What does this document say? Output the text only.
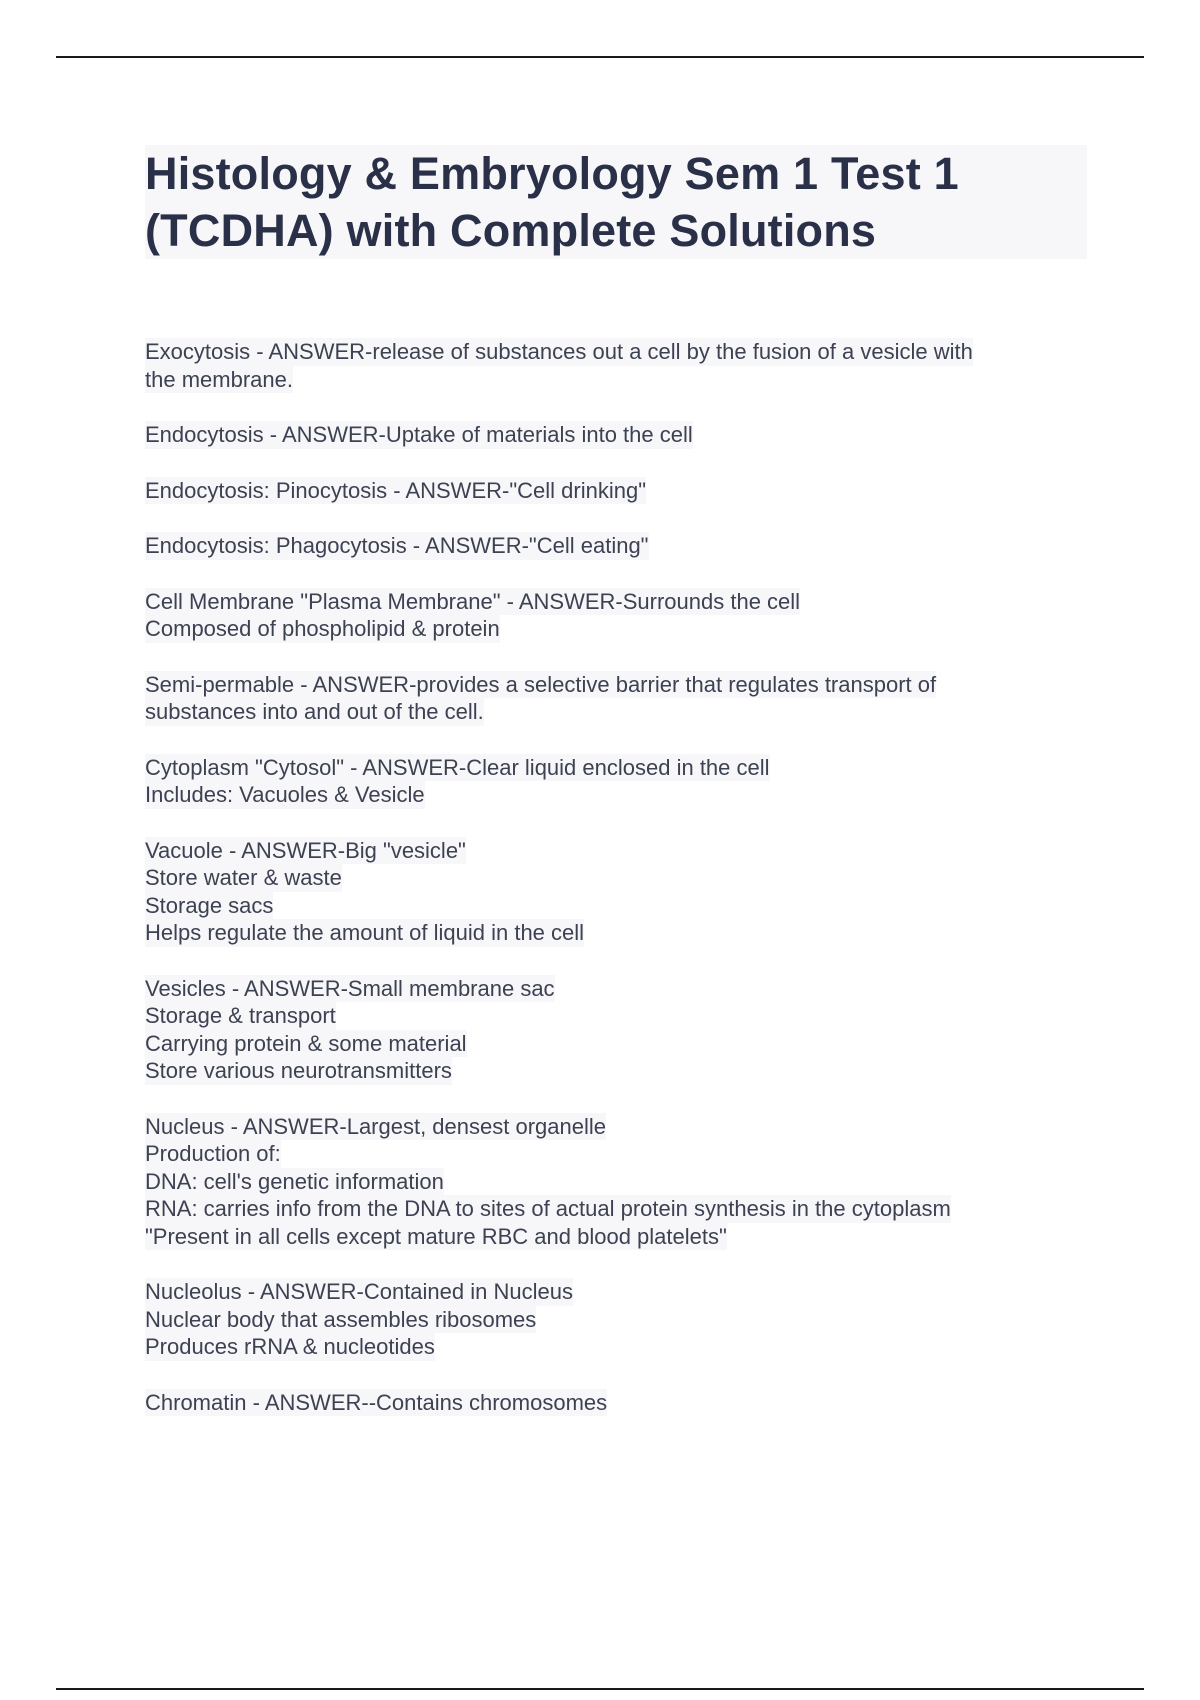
Histology & Embryology Sem 1 Test 1
(TCDHA) with Complete Solutions
Exocytosis - ANSWER-release of substances out a cell by the fusion of a vesicle with
the membrane.
Endocytosis - ANSWER-Uptake of materials into the cell
Endocytosis: Pinocytosis - ANSWER-"Cell drinking"
Endocytosis: Phagocytosis - ANSWER-"Cell eating"
Cell Membrane "Plasma Membrane" - ANSWER-Surrounds the cell
Composed of phospholipid & protein
Semi-permable - ANSWER-provides a selective barrier that regulates transport of
substances into and out of the cell.
Cytoplasm "Cytosol" - ANSWER-Clear liquid enclosed in the cell
Includes: Vacuoles & Vesicle
Vacuole - ANSWER-Big "vesicle"
Store water & waste
Storage sacs
Helps regulate the amount of liquid in the cell
Vesicles - ANSWER-Small membrane sac
Storage & transport
Carrying protein & some material
Store various neurotransmitters
Nucleus - ANSWER-Largest, densest organelle
Production of:
DNA: cell's genetic information
RNA: carries info from the DNA to sites of actual protein synthesis in the cytoplasm
"Present in all cells except mature RBC and blood platelets"
Nucleolus - ANSWER-Contained in Nucleus
Nuclear body that assembles ribosomes
Produces rRNA & nucleotides
Chromatin - ANSWER--Contains chromosomes
